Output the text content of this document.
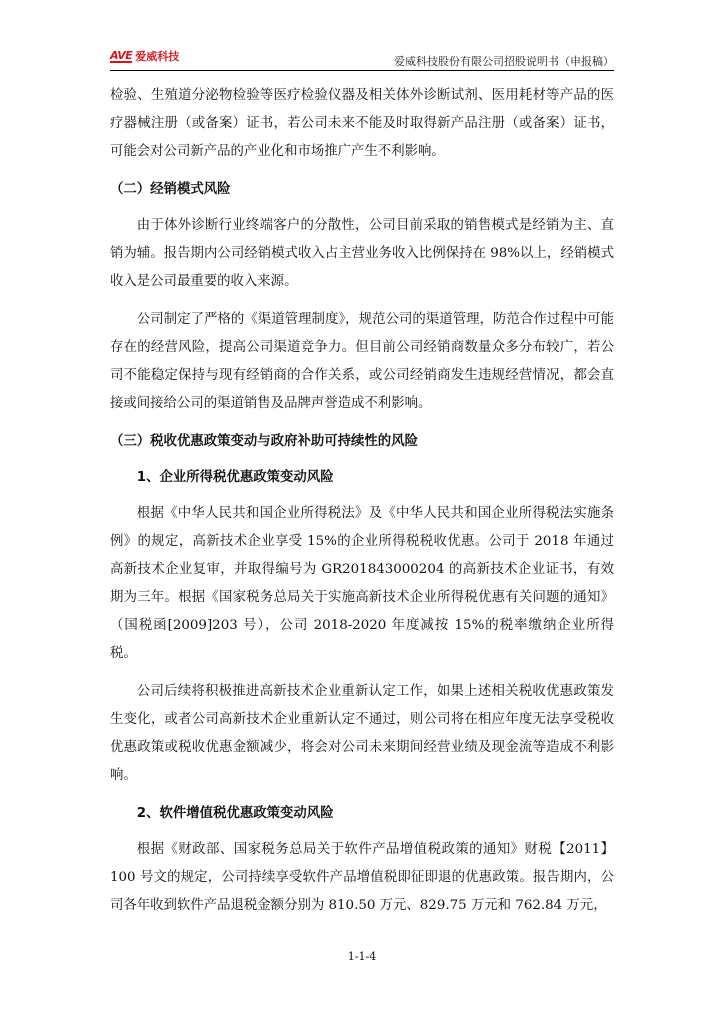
AVE 爱威科技	爱威科技股份有限公司招股说明书（申报稿）

检验、生殖道分泌物检验等医疗检验仪器及相关体外诊断试剂、医用耗材等产品的医疗器械注册（或备案）证书，若公司未来不能及时取得新产品注册（或备案）证书，可能会对公司新产品的产业化和市场推广产生不利影响。

（二）经销模式风险

由于体外诊断行业终端客户的分散性，公司目前采取的销售模式是经销为主、直销为辅。报告期内公司经销模式收入占主营业务收入比例保持在 98%以上，经销模式收入是公司最重要的收入来源。

公司制定了严格的《渠道管理制度》，规范公司的渠道管理，防范合作过程中可能存在的经营风险，提高公司渠道竞争力。但目前公司经销商数量众多分布较广，若公司不能稳定保持与现有经销商的合作关系，或公司经销商发生违规经营情况，都会直接或间接给公司的渠道销售及品牌声誉造成不利影响。

（三）税收优惠政策变动与政府补助可持续性的风险
1、企业所得税优惠政策变动风险

根据《中华人民共和国企业所得税法》及《中华人民共和国企业所得税法实施条例》的规定，高新技术企业享受 15%的企业所得税税收优惠。公司于 2018 年通过高新技术企业复审，并取得编号为 GR201843000204 的高新技术企业证书，有效期为三年。根据《国家税务总局关于实施高新技术企业所得税优惠有关问题的通知》（国税函[2009]203 号），公司 2018-2020 年度减按 15%的税率缴纳企业所得税。

公司后续将积极推进高新技术企业重新认定工作，如果上述相关税收优惠政策发生变化，或者公司高新技术企业重新认定不通过，则公司将在相应年度无法享受税收优惠政策或税收优惠金额减少，将会对公司未来期间经营业绩及现金流等造成不利影响。

2、软件增值税优惠政策变动风险

根据《财政部、国家税务总局关于软件产品增值税政策的通知》财税【2011】100 号文的规定，公司持续享受软件产品增值税即征即退的优惠政策。报告期内，公司各年收到软件产品退税金额分别为 810.50 万元、829.75 万元和 762.84 万元，

1-1-4
